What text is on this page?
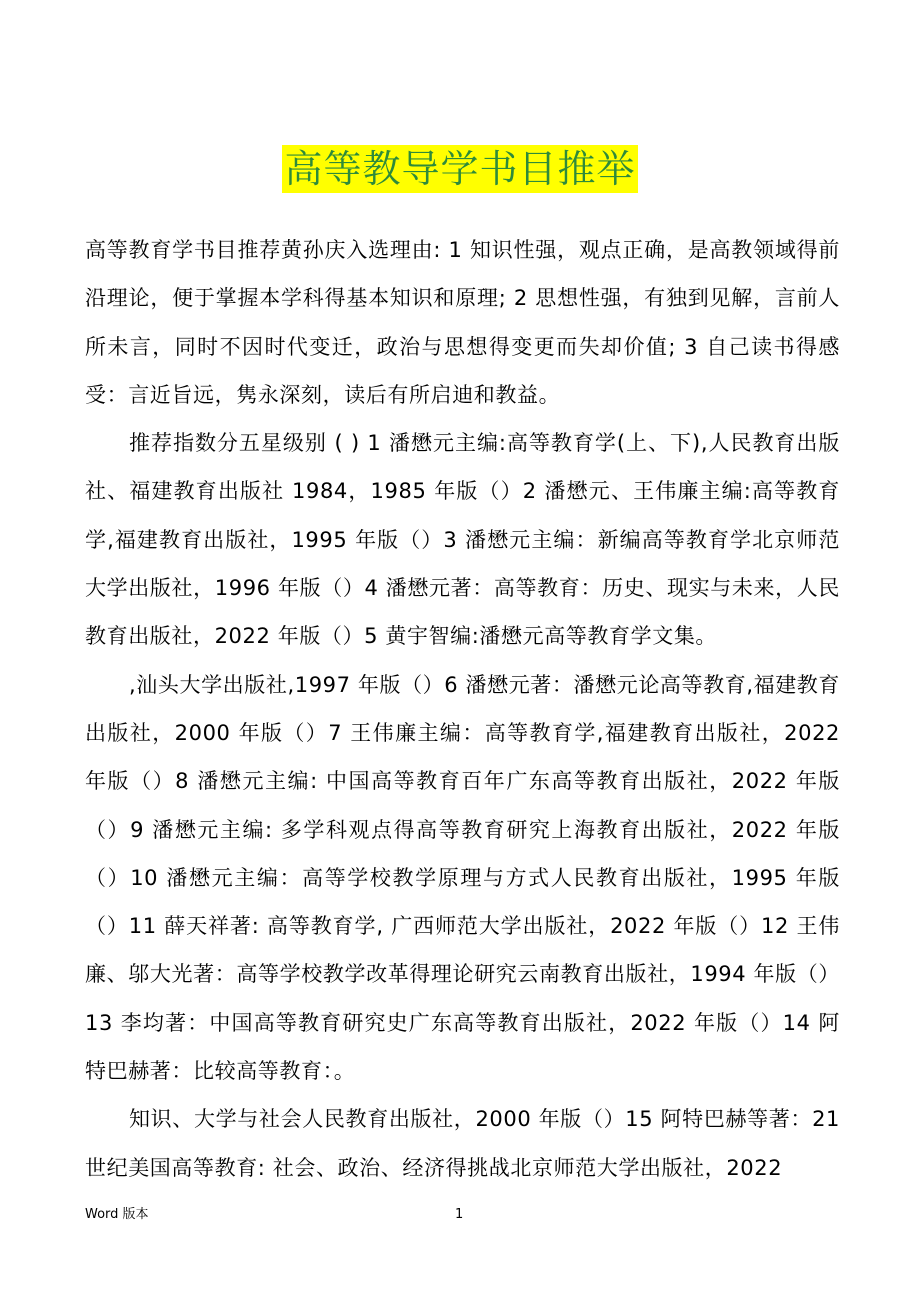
高等教导学书目推举

高等教育学书目推荐黄孙庆入选理由: 1 知识性强，观点正确，是高教领域得前沿理论，便于掌握本学科得基本知识和原理; 2 思想性强，有独到见解，言前人所未言，同时不因时代变迁，政治与思想得变更而失却价值; 3 自己读书得感受：言近旨远，隽永深刻，读后有所启迪和教益。

推荐指数分五星级别 ( ) 1 潘懋元主编:高等教育学(上、下),人民教育出版社、福建教育出版社 1984，1985 年版（）2 潘懋元、王伟廉主编:高等教育学,福建教育出版社，1995 年版（）3 潘懋元主编：新编高等教育学北京师范大学出版社，1996 年版（）4 潘懋元著：高等教育：历史、现实与未来，人民教育出版社，2022 年版（）5 黄宇智编:潘懋元高等教育学文集。

,汕头大学出版社,1997 年版（）6 潘懋元著：潘懋元论高等教育,福建教育出版社，2000 年版（）7 王伟廉主编：高等教育学,福建教育出版社，2022 年版（）8 潘懋元主编: 中国高等教育百年广东高等教育出版社，2022 年版（）9 潘懋元主编: 多学科观点得高等教育研究上海教育出版社，2022 年版（）10 潘懋元主编：高等学校教学原理与方式人民教育出版社，1995 年版（）11 薛天祥著: 高等教育学, 广西师范大学出版社，2022 年版（）12 王伟廉、邬大光著：高等学校教学改革得理论研究云南教育出版社，1994 年版（）13 李均著：中国高等教育研究史广东高等教育出版社，2022 年版（）14 阿特巴赫著：比较高等教育：。

知识、大学与社会人民教育出版社，2000 年版（）15 阿特巴赫等著：21 世纪美国高等教育: 社会、政治、经济得挑战北京师范大学出版社，2022

Word 版本	1
